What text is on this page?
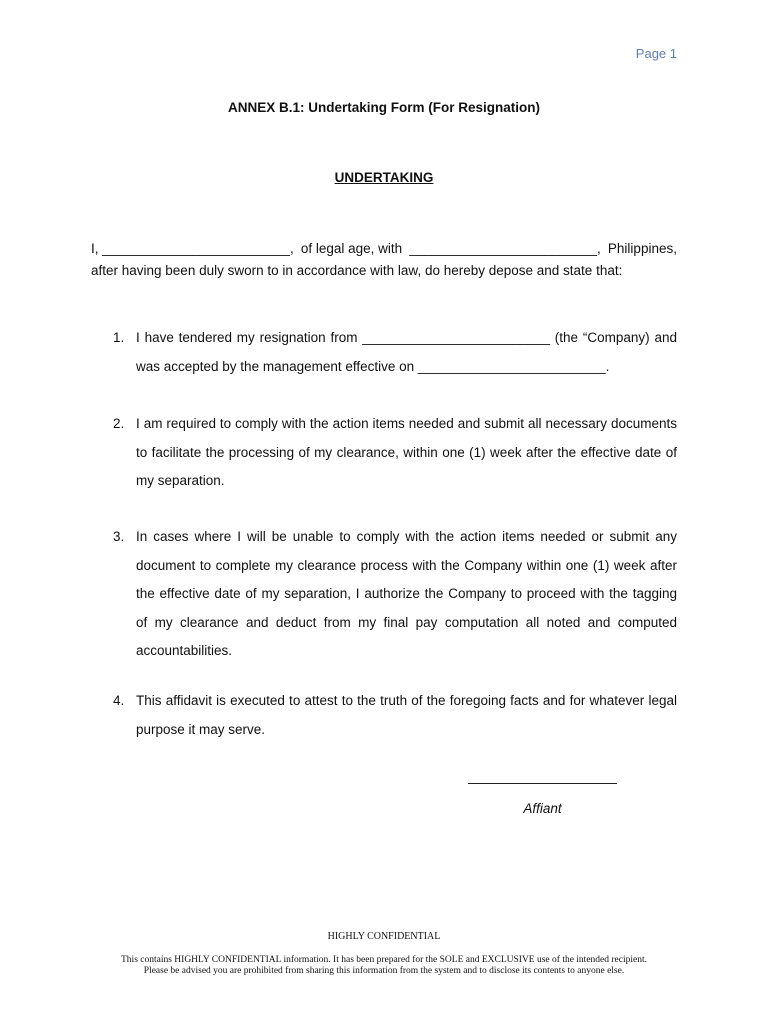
Page 1
ANNEX B.1: Undertaking Form (For Resignation)
UNDERTAKING
I, _________________________, of legal age, with _________________________, Philippines,
after having been duly sworn to in accordance with law, do hereby depose and state that:
1. I have tendered my resignation from _________________________ (the “Company) and was accepted by the management effective on _________________________.
2. I am required to comply with the action items needed and submit all necessary documents to facilitate the processing of my clearance, within one (1) week after the effective date of my separation.
3. In cases where I will be unable to comply with the action items needed or submit any document to complete my clearance process with the Company within one (1) week after the effective date of my separation, I authorize the Company to proceed with the tagging of my clearance and deduct from my final pay computation all noted and computed accountabilities.
4. This affidavit is executed to attest to the truth of the foregoing facts and for whatever legal purpose it may serve.
Affiant
HIGHLY CONFIDENTIAL
This contains HIGHLY CONFIDENTIAL information. It has been prepared for the SOLE and EXCLUSIVE use of the intended recipient.
Please be advised you are prohibited from sharing this information from the system and to disclose its contents to anyone else.
